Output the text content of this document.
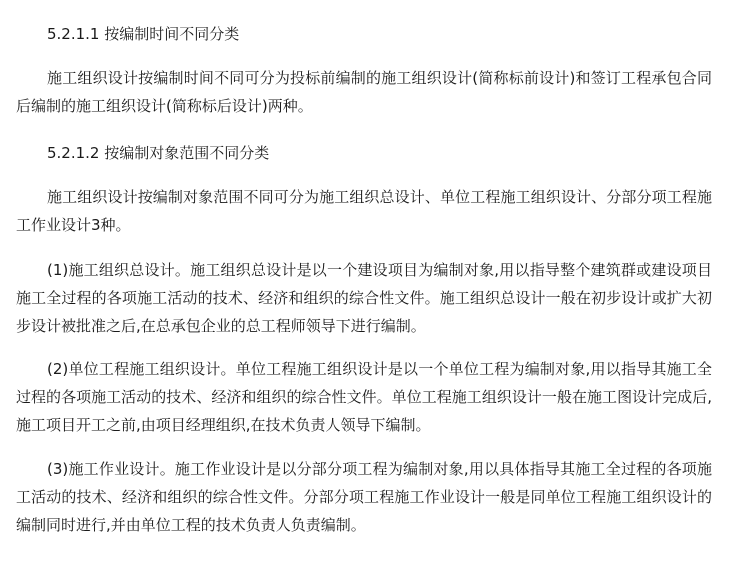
5.2.1.1 按编制时间不同分类

施工组织设计按编制时间不同可分为投标前编制的施工组织设计(简称标前设计)和签订工程承包合同后编制的施工组织设计(简称标后设计)两种。

5.2.1.2 按编制对象范围不同分类

施工组织设计按编制对象范围不同可分为施工组织总设计、单位工程施工组织设计、分部分项工程施工作业设计3种。

(1)施工组织总设计。施工组织总设计是以一个建设项目为编制对象,用以指导整个建筑群或建设项目施工全过程的各项施工活动的技术、经济和组织的综合性文件。施工组织总设计一般在初步设计或扩大初步设计被批准之后,在总承包企业的总工程师领导下进行编制。

(2)单位工程施工组织设计。单位工程施工组织设计是以一个单位工程为编制对象,用以指导其施工全过程的各项施工活动的技术、经济和组织的综合性文件。单位工程施工组织设计一般在施工图设计完成后,施工项目开工之前,由项目经理组织,在技术负责人领导下编制。

(3)施工作业设计。施工作业设计是以分部分项工程为编制对象,用以具体指导其施工全过程的各项施工活动的技术、经济和组织的综合性文件。分部分项工程施工作业设计一般是同单位工程施工组织设计的编制同时进行,并由单位工程的技术负责人负责编制。
